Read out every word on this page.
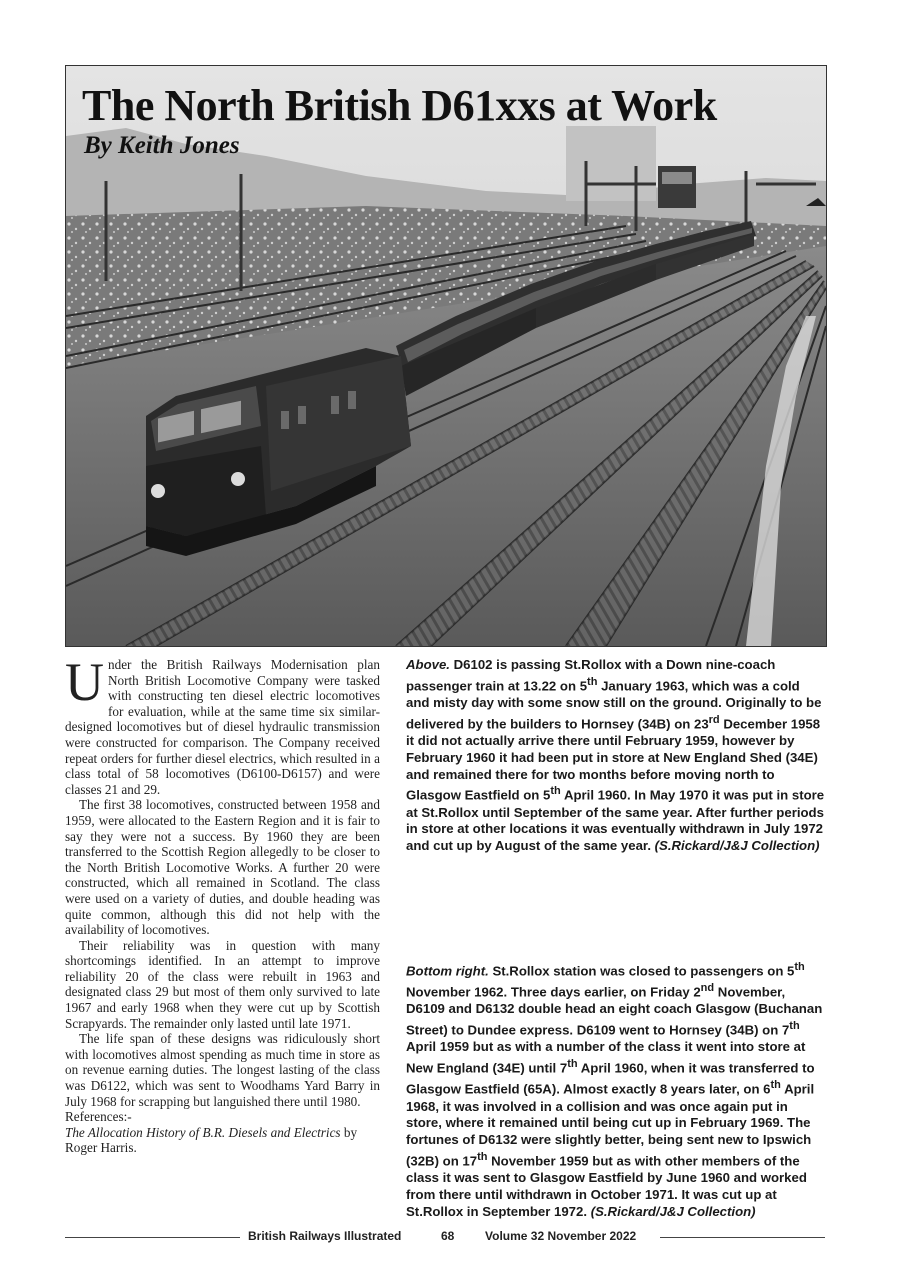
The North British D61xxs at Work
By Keith Jones

Under the British Railways Modernisation plan North British Locomotive Company were tasked with constructing ten diesel electric locomotives for evaluation, while at the same time six similar-designed locomotives but of diesel hydraulic transmission were constructed for comparison. The Company received repeat orders for further diesel electrics, which resulted in a class total of 58 locomotives (D6100-D6157) and were classes 21 and 29.

The first 38 locomotives, constructed between 1958 and 1959, were allocated to the Eastern Region and it is fair to say they were not a success. By 1960 they are been transferred to the Scottish Region allegedly to be closer to the North British Locomotive Works. A further 20 were constructed, which all remained in Scotland. The class were used on a variety of duties, and double heading was quite common, although this did not help with the availability of locomotives.

Their reliability was in question with many shortcomings identified. In an attempt to improve reliability 20 of the class were rebuilt in 1963 and designated class 29 but most of them only survived to late 1967 and early 1968 when they were cut up by Scottish Scrapyards. The remainder only lasted until late 1971.

The life span of these designs was ridiculously short with locomotives almost spending as much time in store as on revenue earning duties. The longest lasting of the class was D6122, which was sent to Woodhams Yard Barry in July 1968 for scrapping but languished there until 1980.

References:-

The Allocation History of B.R. Diesels and Electrics by Roger Harris.

Above. D6102 is passing St.Rollox with a Down nine-coach passenger train at 13.22 on 5th January 1963, which was a cold and misty day with some snow still on the ground. Originally to be delivered by the builders to Hornsey (34B) on 23rd December 1958 it did not actually arrive there until February 1959, however by February 1960 it had been put in store at New England Shed (34E) and remained there for two months before moving north to Glasgow Eastfield on 5th April 1960. In May 1970 it was put in store at St.Rollox until September of the same year. After further periods in store at other locations it was eventually withdrawn in July 1972 and cut up by August of the same year. (S.Rickard/J&J Collection)

Bottom right. St.Rollox station was closed to passengers on 5th November 1962. Three days earlier, on Friday 2nd November, D6109 and D6132 double head an eight coach Glasgow (Buchanan Street) to Dundee express. D6109 went to Hornsey (34B) on 7th April 1959 but as with a number of the class it went into store at New England (34E) until 7th April 1960, when it was transferred to Glasgow Eastfield (65A). Almost exactly 8 years later, on 6th April 1968, it was involved in a collision and was once again put in store, where it remained until being cut up in February 1969. The fortunes of D6132 were slightly better, being sent new to Ipswich (32B) on 17th November 1959 but as with other members of the class it was sent to Glasgow Eastfield by June 1960 and worked from there until withdrawn in October 1971. It was cut up at St.Rollox in September 1972. (S.Rickard/J&J Collection)

British Railways Illustrated	68	Volume 32 November 2022
